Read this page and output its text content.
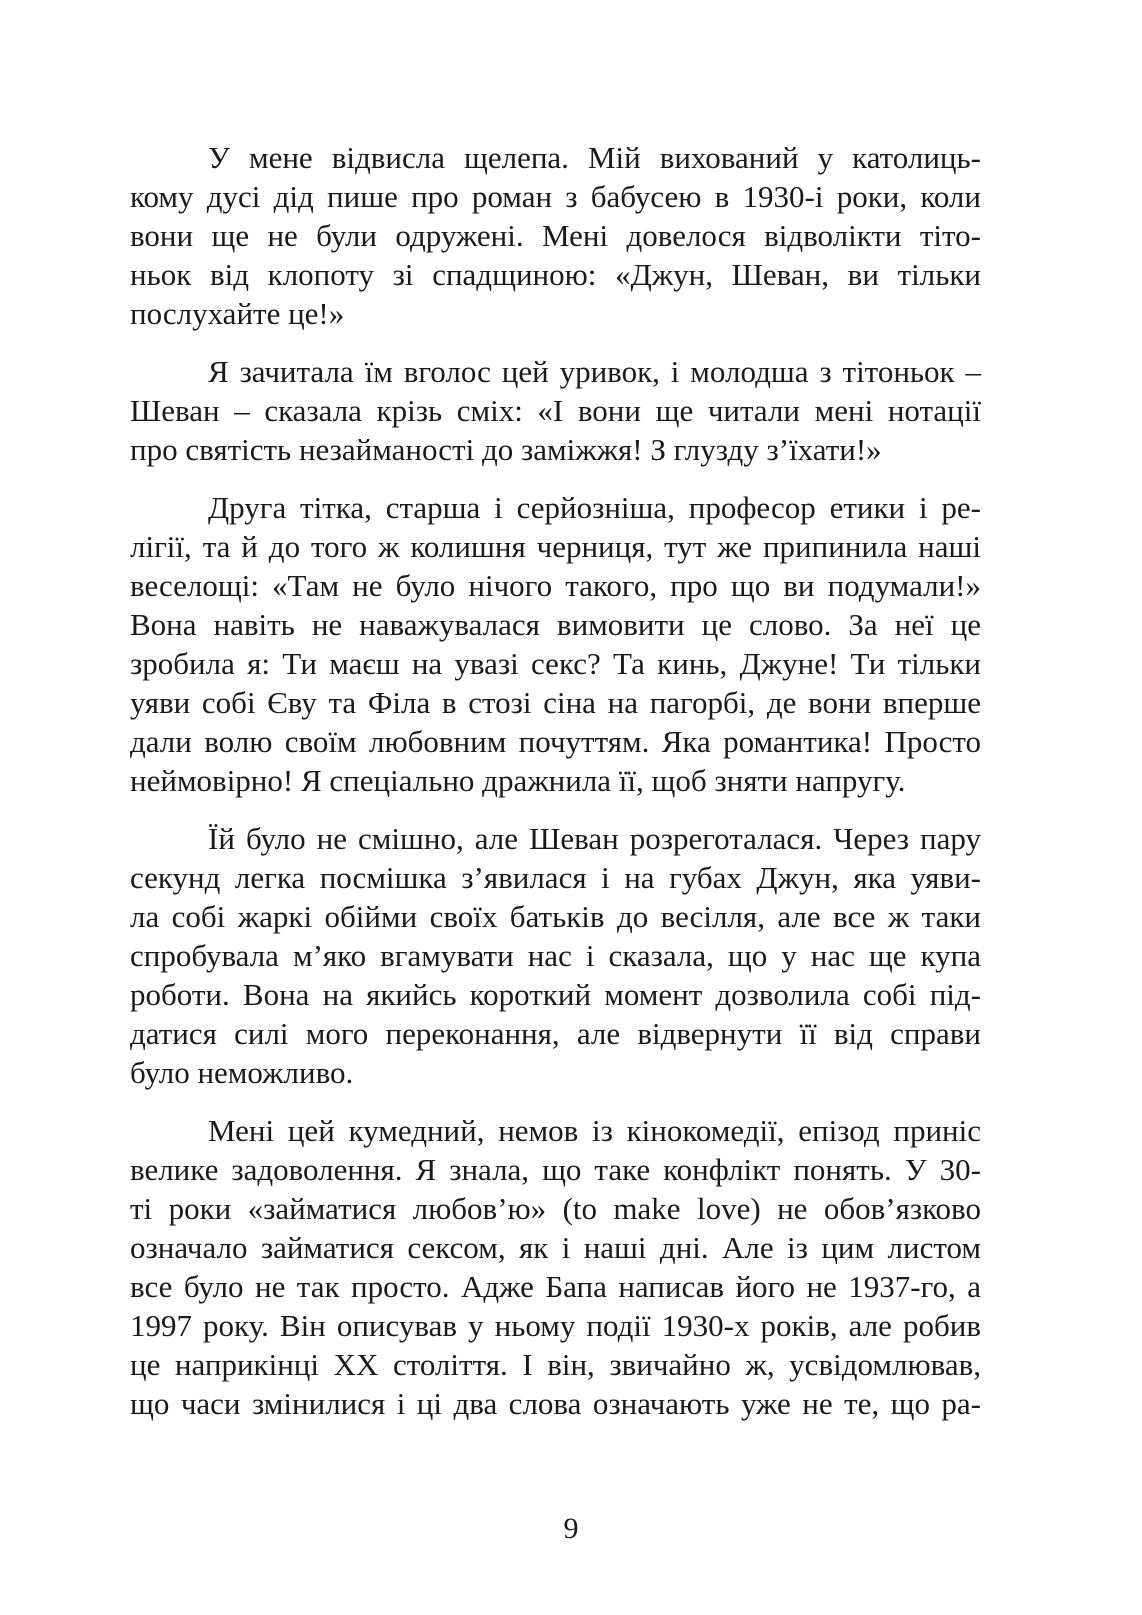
У мене відвисла щелепа. Мій вихований у католиць-
кому дусі дід пише про роман з бабусею в 1930-і роки, коли
вони ще не були одружені. Мені довелося відволікти тіто-
ньок від клопоту зі спадщиною: «Джун, Шеван, ви тільки
послухайте це!»
Я зачитала їм вголос цей уривок, і молодша з тітоньок –
Шеван – сказала крізь сміх: «І вони ще читали мені нотації
про святість незайманості до заміжжя! З глузду з’їхати!»
Друга тітка, старша і серйозніша, професор етики і ре-
лігії, та й до того ж колишня черниця, тут же припинила наші
веселощі: «Там не було нічого такого, про що ви подумали!»
Вона навіть не наважувалася вимовити це слово. За неї це
зробила я: Ти маєш на увазі секс? Та кинь, Джуне! Ти тільки
уяви собі Єву та Філа в стозі сіна на пагорбі, де вони вперше
дали волю своїм любовним почуттям. Яка романтика! Просто
неймовірно! Я спеціально дражнила її, щоб зняти напругу.
Їй було не смішно, але Шеван розреготалася. Через пару
секунд легка посмішка з’явилася і на губах Джун, яка уяви-
ла собі жаркі обійми своїх батьків до весілля, але все ж таки
спробувала м’яко вгамувати нас і сказала, що у нас ще купа
роботи. Вона на якийсь короткий момент дозволила собі під-
датися силі мого переконання, але відвернути її від справи
було неможливо.
Мені цей кумедний, немов із кінокомедії, епізод приніс
велике задоволення. Я знала, що таке конфлікт понять. У 30-
ті роки «займатися любов’ю» (to make love) не обов’язково
означало займатися сексом, як і наші дні. Але із цим листом
все було не так просто. Адже Бапа написав його не 1937-го, а
1997 року. Він описував у ньому події 1930-х років, але робив
це наприкінці XX століття. І він, звичайно ж, усвідомлював,
що часи змінилися і ці два слова означають уже не те, що ра-
9
